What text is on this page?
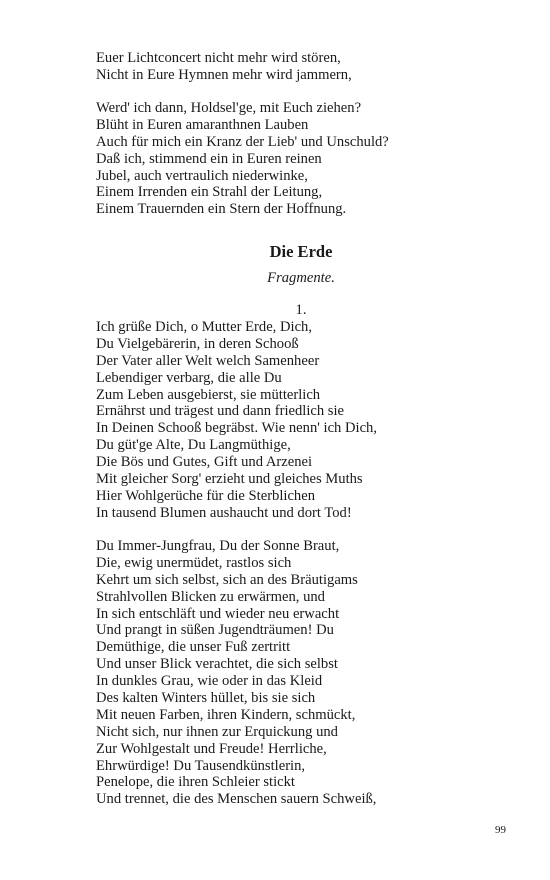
Euer Lichtconcert nicht mehr wird stören,
Nicht in Eure Hymnen mehr wird jammern,
Werd' ich dann, Holdsel'ge, mit Euch ziehen?
Blüht in Euren amaranthnen Lauben
Auch für mich ein Kranz der Lieb' und Unschuld?
Daß ich, stimmend ein in Euren reinen
Jubel, auch vertraulich niederwinke,
Einem Irrenden ein Strahl der Leitung,
Einem Trauernden ein Stern der Hoffnung.
Die Erde

Fragmente.

1.

Ich grüße Dich, o Mutter Erde, Dich,
Du Vielgebärerin, in deren Schooß
Der Vater aller Welt welch Samenheer
Lebendiger verbarg, die alle Du
Zum Leben ausgebierst, sie mütterlich
Ernährst und trägest und dann friedlich sie
In Deinen Schooß begräbst. Wie nenn' ich Dich,
Du güt'ge Alte, Du Langmüthige,
Die Bös und Gutes, Gift und Arzenei
Mit gleicher Sorg' erzieht und gleiches Muths
Hier Wohlgerüche für die Sterblichen
In tausend Blumen aushaucht und dort Tod!
Du Immer-Jungfrau, Du der Sonne Braut,
Die, ewig unermüdet, rastlos sich
Kehrt um sich selbst, sich an des Bräutigams
Strahlvollen Blicken zu erwärmen, und
In sich entschläft und wieder neu erwacht
Und prangt in süßen Jugendträumen! Du
Demüthige, die unser Fuß zertritt
Und unser Blick verachtet, die sich selbst
In dunkles Grau, wie oder in das Kleid
Des kalten Winters hüllet, bis sie sich
Mit neuen Farben, ihren Kindern, schmückt,
Nicht sich, nur ihnen zur Erquickung und
Zur Wohlgestalt und Freude! Herrliche,
Ehrwürdige! Du Tausendkünstlerin,
Penelope, die ihren Schleier stickt
Und trennet, die des Menschen sauern Schweiß,

99
